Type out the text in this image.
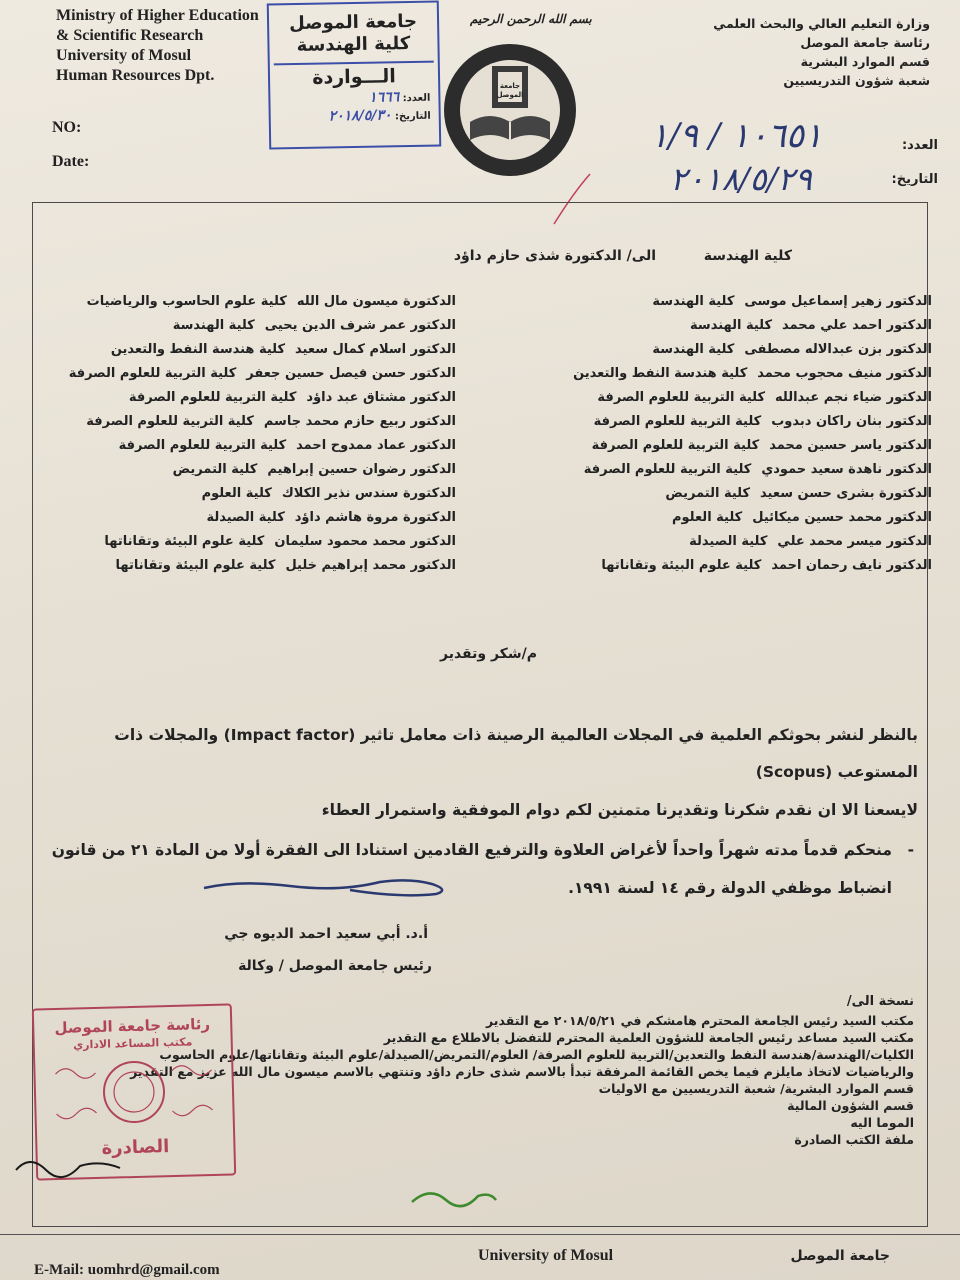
Ministry of Higher Education
& Scientific Research
University of Mosul
Human Resources Dpt.
NO:
Date:
جامعة الموصل
كلية الهندسة
الـــواردة
العدد: ١٦٦٦
التاريخ: ٢٠١٨/٥/٣٠
بسم الله الرحمن الرحيم
جامعة الموصل
وزارة التعليم العالي والبحث العلمي
رئاسة جامعة الموصل
قسم الموارد البشرية
شعبة شؤون التدريسيين
العدد:
التاريخ:
١٠٦٥١ / ١/٩
٢٠١٨/٥/٢٩
الى/ الدكتورة شذى حازم داؤد	كلية الهندسة
الدكتور زهير إسماعيل موسى
كلية الهندسة
الدكتور احمد علي محمد
كلية الهندسة
الدكتور بزن عبدالاله مصطفى
كلية الهندسة
الدكتور منيف محجوب محمد
كلية هندسة النفط والتعدين
الدكتور ضياء نجم عبدالله
كلية التربية للعلوم الصرفة
الدكتور بنان راكان دبدوب
كلية التربية للعلوم الصرفة
الدكتور ياسر حسين محمد
كلية التربية للعلوم الصرفة
الدكتور ناهدة سعيد حمودي
كلية التربية للعلوم الصرفة
الدكتورة بشرى حسن سعيد
كلية التمريض
الدكتور محمد حسين ميكائيل
كلية العلوم
الدكتور ميسر محمد علي
كلية الصيدلة
الدكتور نايف رحمان احمد
كلية علوم البيئة وتقاناتها
الدكتورة ميسون مال الله
كلية علوم الحاسوب والرياضيات
الدكتور عمر شرف الدين يحيى
كلية الهندسة
الدكتور اسلام كمال سعيد
كلية هندسة النفط والتعدين
الدكتور حسن فيصل حسين جعفر
كلية التربية للعلوم الصرفة
الدكتور مشتاق عبد داؤد
كلية التربية للعلوم الصرفة
الدكتور ربيع حازم محمد جاسم
كلية التربية للعلوم الصرفة
الدكتور عماد ممدوح احمد
كلية التربية للعلوم الصرفة
الدكتور رضوان حسين إبراهيم
كلية التمريض
الدكتورة سندس نذير الكلاك
كلية العلوم
الدكتورة مروة هاشم داؤد
كلية الصيدلة
الدكتور محمد محمود سليمان
كلية علوم البيئة وتقاناتها
الدكتور محمد إبراهيم خليل
كلية علوم البيئة وتقاناتها
م/شكر وتقدير
بالنظر لنشر بحوثكم العلمية في المجلات العالمية الرصينة ذات معامل تاثير (Impact factor) والمجلات ذات
المستوعب (Scopus)
لايسعنا الا ان نقدم شكرنا وتقديرنا متمنين لكم دوام الموفقية واستمرار العطاء
-
منحكم قدماً مدته شهراً واحداً لأغراض العلاوة والترفيع القادمين استنادا الى الفقرة أولا من المادة ٢١ من قانون
انضباط موظفي الدولة رقم ١٤ لسنة ١٩٩١.
أ.د. أبي سعيد احمد الديوه جي
رئيس جامعة الموصل / وكالة
نسخة الى/
مكتب السيد رئيس الجامعة المحترم هامشكم في ٢٠١٨/٥/٢١ مع التقدير
مكتب السيد مساعد رئيس الجامعة للشؤون العلمية المحترم للتفضل بالاطلاع مع التقدير
الكليات/الهندسة/هندسة النفط والتعدين/التربية للعلوم الصرفة/ العلوم/التمريض/الصيدلة/علوم البيئة وتقاناتها/علوم الحاسوب
والرياضيات لاتخاذ مايلزم فيما يخص القائمة المرفقة تبدأ بالاسم شذى حازم داؤد وتنتهي بالاسم ميسون مال الله عزيز مع التقدير
قسم الموارد البشرية/ شعبة التدريسيين مع الاوليات
قسم الشؤون المالية
الموما اليه
ملفة الكتب الصادرة
رئاسة جامعة الموصل
مكتب المساعد الاداري
الصادرة
E-Mail: uomhrd@gmail.com
University of Mosul	جامعة الموصل
